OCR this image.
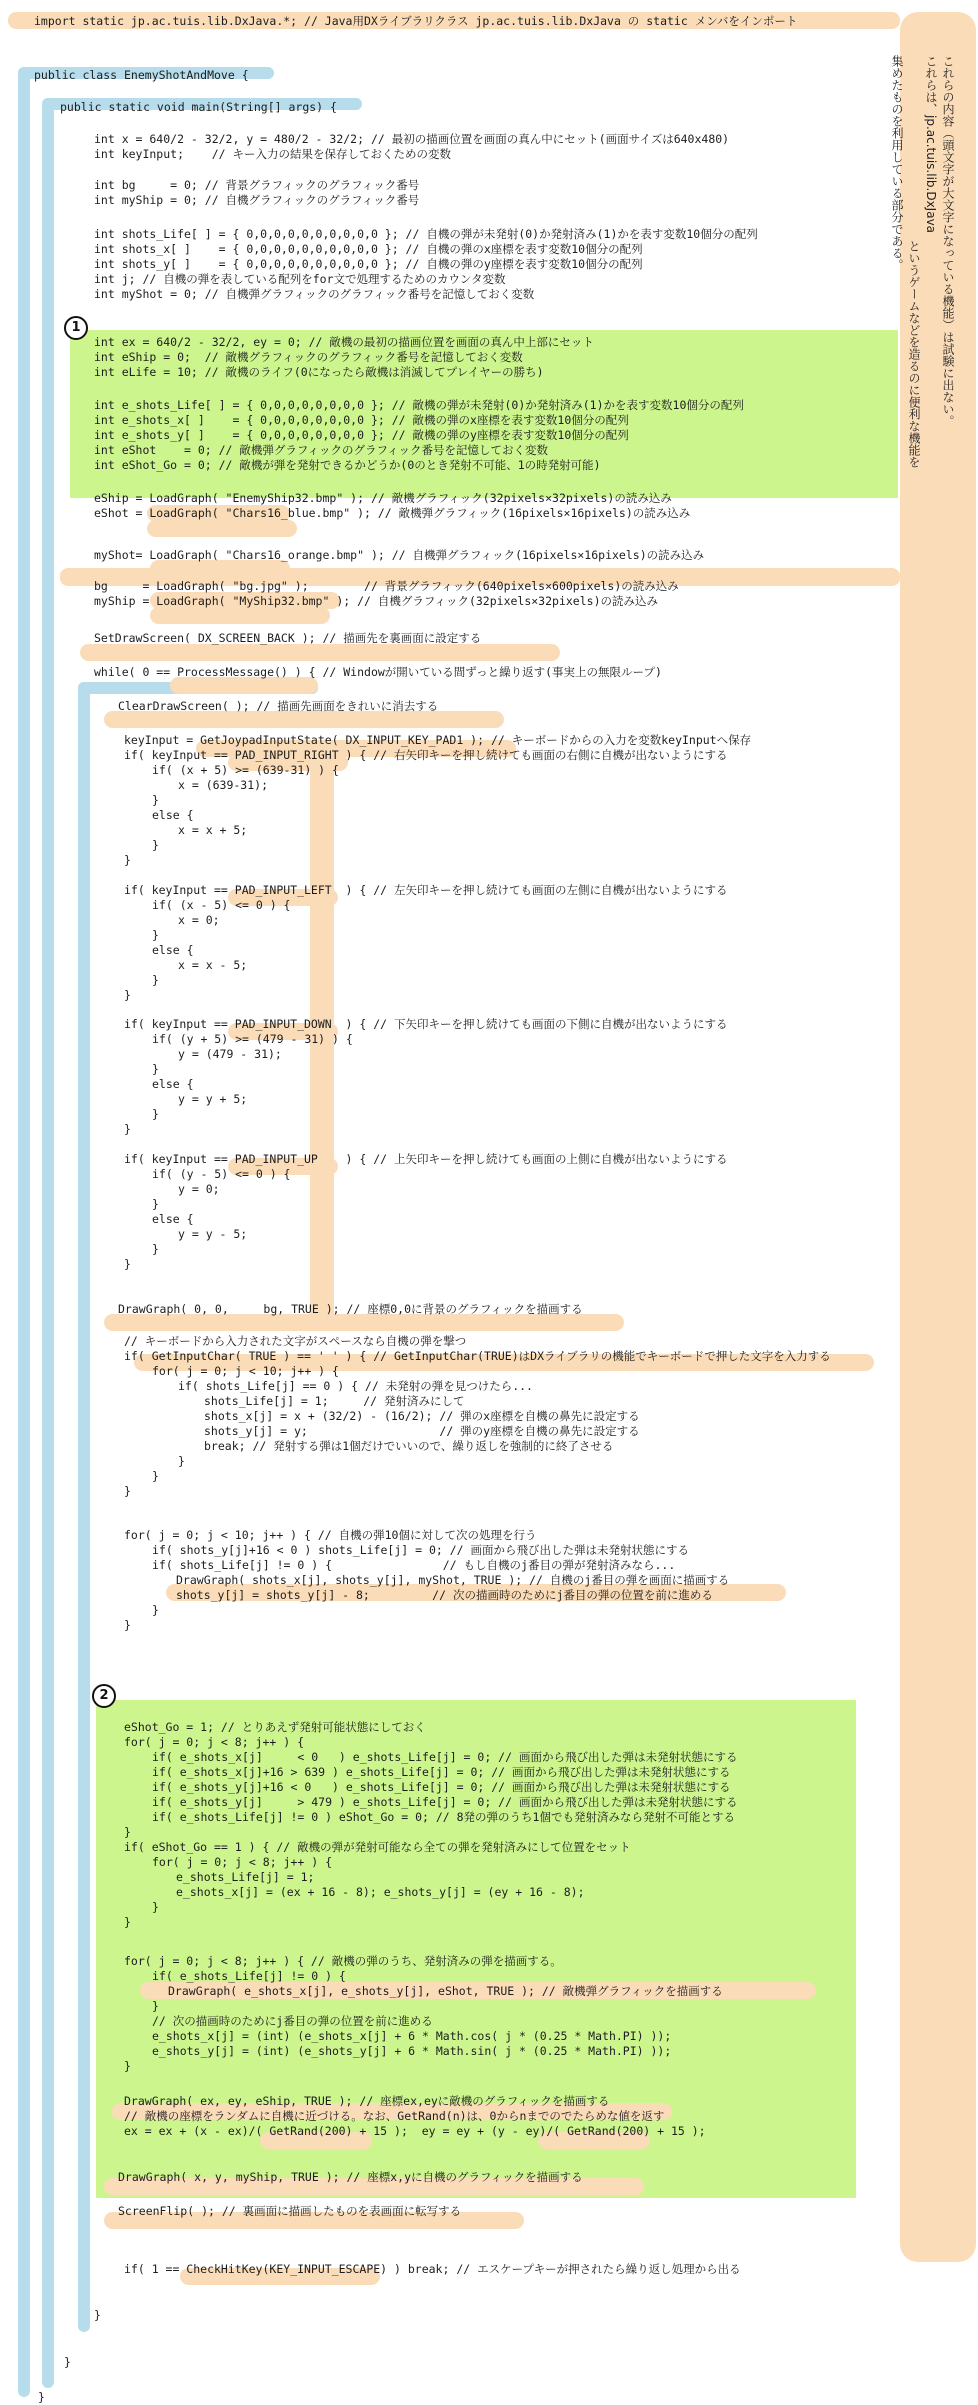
1
2
これらの内容（頭文字が大文字になっている機能）は試験に出ない。
これらは、jp.ac.tuis.lib.DxJava
というゲームなどを造るのに便利な機能を
集めたものを利用している部分である。
import static jp.ac.tuis.lib.DxJava.*; // Java用DXライブラリクラス jp.ac.tuis.lib.DxJava の static メンバをインポート
public class EnemyShotAndMove {
public static void main(String[] args) {
int x = 640/2 - 32/2, y = 480/2 - 32/2; // 最初の描画位置を画面の真ん中にセット(画面サイズは640x480)
int keyInput;    // キー入力の結果を保存しておくための変数
int bg     = 0; // 背景グラフィックのグラフィック番号
int myShip = 0; // 自機グラフィックのグラフィック番号
int shots_Life[ ] = { 0,0,0,0,0,0,0,0,0,0 }; // 自機の弾が未発射(0)か発射済み(1)かを表す変数10個分の配列
int shots_x[ ]    = { 0,0,0,0,0,0,0,0,0,0 }; // 自機の弾のx座標を表す変数10個分の配列
int shots_y[ ]    = { 0,0,0,0,0,0,0,0,0,0 }; // 自機の弾のy座標を表す変数10個分の配列
int j; // 自機の弾を表している配列をfor文で処理するためのカウンタ変数
int myShot = 0; // 自機弾グラフィックのグラフィック番号を記憶しておく変数
int ex = 640/2 - 32/2, ey = 0; // 敵機の最初の描画位置を画面の真ん中上部にセット
int eShip = 0;  // 敵機グラフィックのグラフィック番号を記憶しておく変数
int eLife = 10; // 敵機のライフ(0になったら敵機は消滅してプレイヤーの勝ち)
int e_shots_Life[ ] = { 0,0,0,0,0,0,0,0 }; // 敵機の弾が未発射(0)か発射済み(1)かを表す変数10個分の配列
int e_shots_x[ ]    = { 0,0,0,0,0,0,0,0 }; // 敵機の弾のx座標を表す変数10個分の配列
int e_shots_y[ ]    = { 0,0,0,0,0,0,0,0 }; // 敵機の弾のy座標を表す変数10個分の配列
int eShot    = 0; // 敵機弾グラフィックのグラフィック番号を記憶しておく変数
int eShot_Go = 0; // 敵機が弾を発射できるかどうか(0のとき発射不可能、1の時発射可能)
eShip = LoadGraph( "EnemyShip32.bmp" ); // 敵機グラフィック(32pixels×32pixels)の読み込み
eShot = LoadGraph( "Chars16_blue.bmp" ); // 敵機弾グラフィック(16pixels×16pixels)の読み込み
myShot= LoadGraph( "Chars16_orange.bmp" ); // 自機弾グラフィック(16pixels×16pixels)の読み込み
bg     = LoadGraph( "bg.jpg" );        // 背景グラフィック(640pixels×600pixels)の読み込み
myShip = LoadGraph( "MyShip32.bmp" ); // 自機グラフィック(32pixels×32pixels)の読み込み
SetDrawScreen( DX_SCREEN_BACK ); // 描画先を裏画面に設定する
while( 0 == ProcessMessage() ) { // Windowが開いている間ずっと繰り返す(事実上の無限ループ)
ClearDrawScreen( ); // 描画先画面をきれいに消去する
keyInput = GetJoypadInputState( DX_INPUT_KEY_PAD1 ); // キーボードからの入力を変数keyInputへ保存
if( keyInput == PAD_INPUT_RIGHT ) { // 右矢印キーを押し続けても画面の右側に自機が出ないようにする
if( (x + 5) >= (639-31) ) {
x = (639-31);
}
else {
x = x + 5;
}
}
if( keyInput == PAD_INPUT_LEFT  ) { // 左矢印キーを押し続けても画面の左側に自機が出ないようにする
if( (x - 5) <= 0 ) {
x = 0;
}
else {
x = x - 5;
}
}
if( keyInput == PAD_INPUT_DOWN  ) { // 下矢印キーを押し続けても画面の下側に自機が出ないようにする
if( (y + 5) >= (479 - 31) ) {
y = (479 - 31);
}
else {
y = y + 5;
}
}
if( keyInput == PAD_INPUT_UP    ) { // 上矢印キーを押し続けても画面の上側に自機が出ないようにする
if( (y - 5) <= 0 ) {
y = 0;
}
else {
y = y - 5;
}
}
DrawGraph( 0, 0,     bg, TRUE ); // 座標0,0に背景のグラフィックを描画する
// キーボードから入力された文字がスペースなら自機の弾を撃つ
if( GetInputChar( TRUE ) == ' ' ) { // GetInputChar(TRUE)はDXライブラリの機能でキーボードで押した文字を入力する
for( j = 0; j < 10; j++ ) {
if( shots_Life[j] == 0 ) { // 未発射の弾を見つけたら...
shots_Life[j] = 1;     // 発射済みにして
shots_x[j] = x + (32/2) - (16/2); // 弾のx座標を自機の鼻先に設定する
shots_y[j] = y;                   // 弾のy座標を自機の鼻先に設定する
break; // 発射する弾は1個だけでいいので、繰り返しを強制的に終了させる
}
}
}
for( j = 0; j < 10; j++ ) { // 自機の弾10個に対して次の処理を行う
if( shots_y[j]+16 < 0 ) shots_Life[j] = 0; // 画面から飛び出した弾は未発射状態にする
if( shots_Life[j] != 0 ) {                // もし自機のj番目の弾が発射済みなら...
DrawGraph( shots_x[j], shots_y[j], myShot, TRUE ); // 自機のj番目の弾を画面に描画する
shots_y[j] = shots_y[j] - 8;         // 次の描画時のためにj番目の弾の位置を前に進める
}
}
eShot_Go = 1; // とりあえず発射可能状態にしておく
for( j = 0; j < 8; j++ ) {
if( e_shots_x[j]     < 0   ) e_shots_Life[j] = 0; // 画面から飛び出した弾は未発射状態にする
if( e_shots_x[j]+16 > 639 ) e_shots_Life[j] = 0; // 画面から飛び出した弾は未発射状態にする
if( e_shots_y[j]+16 < 0   ) e_shots_Life[j] = 0; // 画面から飛び出した弾は未発射状態にする
if( e_shots_y[j]     > 479 ) e_shots_Life[j] = 0; // 画面から飛び出した弾は未発射状態にする
if( e_shots_Life[j] != 0 ) eShot_Go = 0; // 8発の弾のうち1個でも発射済みなら発射不可能とする
}
if( eShot_Go == 1 ) { // 敵機の弾が発射可能なら全ての弾を発射済みにして位置をセット
for( j = 0; j < 8; j++ ) {
e_shots_Life[j] = 1;
e_shots_x[j] = (ex + 16 - 8); e_shots_y[j] = (ey + 16 - 8);
}
}
for( j = 0; j < 8; j++ ) { // 敵機の弾のうち、発射済みの弾を描画する。
if( e_shots_Life[j] != 0 ) {
DrawGraph( e_shots_x[j], e_shots_y[j], eShot, TRUE ); // 敵機弾グラフィックを描画する
}
// 次の描画時のためにj番目の弾の位置を前に進める
e_shots_x[j] = (int) (e_shots_x[j] + 6 * Math.cos( j * (0.25 * Math.PI) ));
e_shots_y[j] = (int) (e_shots_y[j] + 6 * Math.sin( j * (0.25 * Math.PI) ));
}
DrawGraph( ex, ey, eShip, TRUE ); // 座標ex,eyに敵機のグラフィックを描画する
// 敵機の座標をランダムに自機に近づける。なお、GetRand(n)は、0からnまでのでたらめな値を返す
ex = ex + (x - ex)/( GetRand(200) + 15 );  ey = ey + (y - ey)/( GetRand(200) + 15 );
DrawGraph( x, y, myShip, TRUE ); // 座標x,yに自機のグラフィックを描画する
ScreenFlip( ); // 裏画面に描画したものを表画面に転写する
if( 1 == CheckHitKey(KEY_INPUT_ESCAPE) ) break; // エスケープキーが押されたら繰り返し処理から出る
}
}
}
